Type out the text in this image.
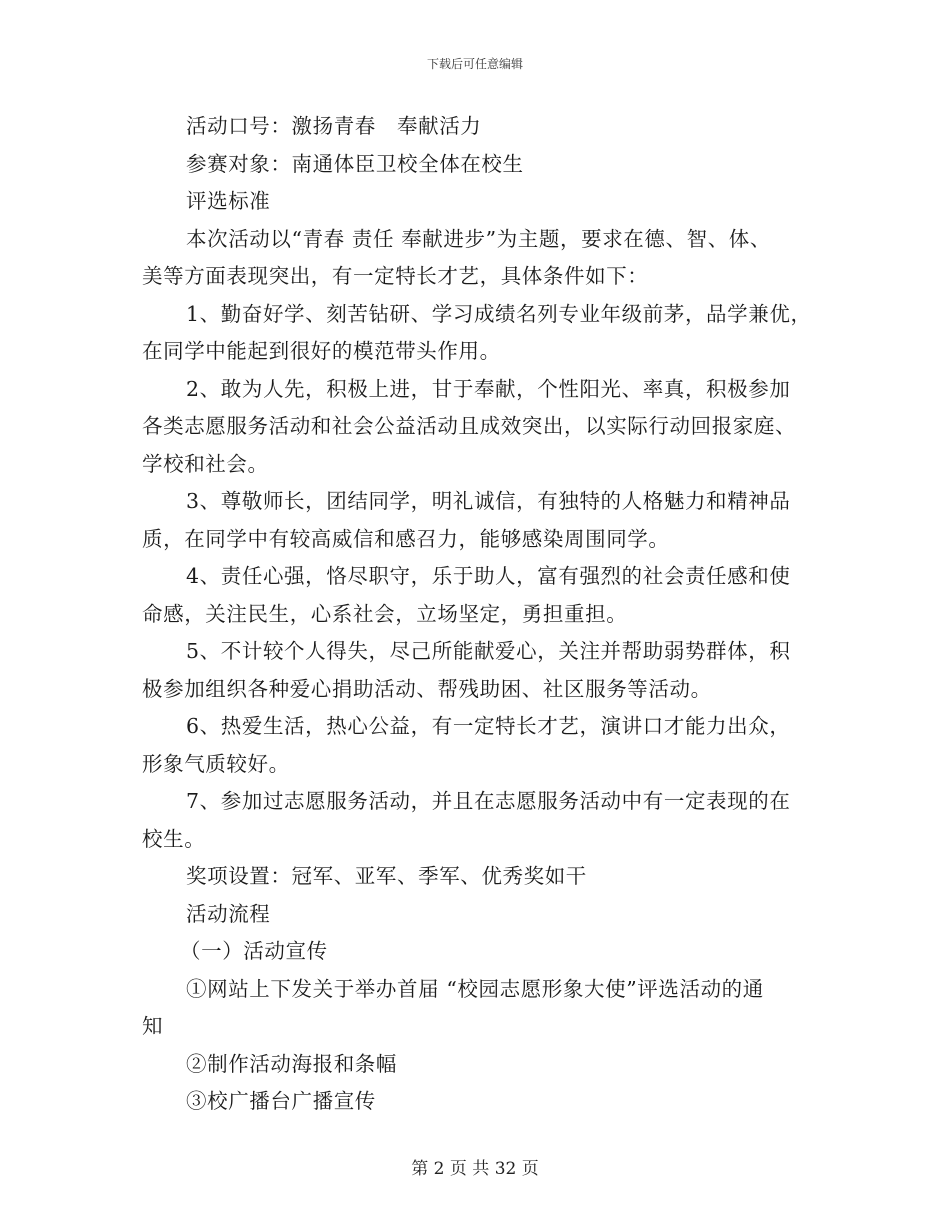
下载后可任意编辑
活动口号：激扬青春　奉献活力
参赛对象：南通体臣卫校全体在校生
评选标准
本次活动以“青春 责任 奉献进步”为主题，要求在德、智、体、
美等方面表现突出，有一定特长才艺，具体条件如下：
1、勤奋好学、刻苦钻研、学习成绩名列专业年级前茅，品学兼优，
在同学中能起到很好的模范带头作用。
2、敢为人先，积极上进，甘于奉献，个性阳光、率真，积极参加
各类志愿服务活动和社会公益活动且成效突出，以实际行动回报家庭、
学校和社会。
3、尊敬师长，团结同学，明礼诚信，有独特的人格魅力和精神品
质，在同学中有较高威信和感召力，能够感染周围同学。
4、责任心强，恪尽职守，乐于助人，富有强烈的社会责任感和使
命感，关注民生，心系社会，立场坚定，勇担重担。
5、不计较个人得失，尽己所能献爱心，关注并帮助弱势群体，积
极参加组织各种爱心捐助活动、帮残助困、社区服务等活动。
6、热爱生活，热心公益，有一定特长才艺，演讲口才能力出众，
形象气质较好。
7、参加过志愿服务活动，并且在志愿服务活动中有一定表现的在
校生。
奖项设置：冠军、亚军、季军、优秀奖如干
活动流程
（一）活动宣传
①网站上下发关于举办首届 “校园志愿形象大使”评选活动的通
知
②制作活动海报和条幅
③校广播台广播宣传
第 2 页 共 32 页
